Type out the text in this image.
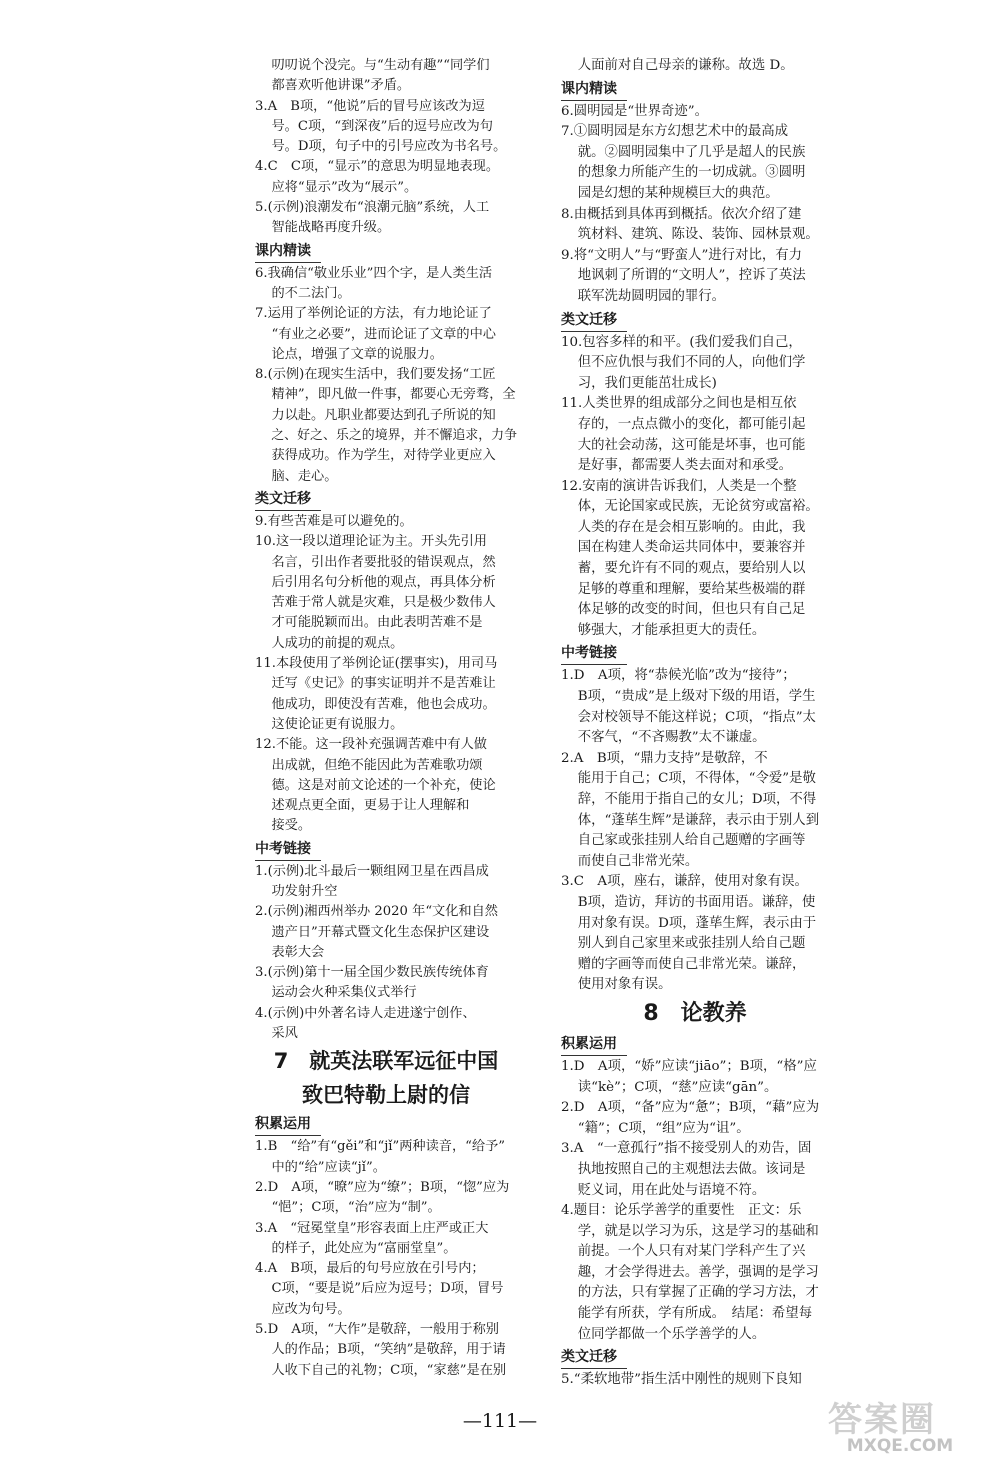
叨叨说个没完。与“生动有趣”“同学们
都喜欢听他讲课”矛盾。
3.A　B项，“他说”后的冒号应该改为逗
号。C项，“到深夜”后的逗号应改为句
号。D项，句子中的引号应改为书名号。
4.C　C项，“显示”的意思为明显地表现。
应将“显示”改为“展示”。
5.(示例)浪潮发布“浪潮元脑”系统，人工
智能战略再度升级。
课内精读
6.我确信“敬业乐业”四个字，是人类生活
的不二法门。
7.运用了举例论证的方法，有力地论证了
“有业之必要”，进而论证了文章的中心
论点，增强了文章的说服力。
8.(示例)在现实生活中，我们要发扬“工匠
精神”，即凡做一件事，都要心无旁骛，全
力以赴。凡职业都要达到孔子所说的知
之、好之、乐之的境界，并不懈追求，力争
获得成功。作为学生，对待学业更应入
脑、走心。
类文迁移
9.有些苦难是可以避免的。
10.这一段以道理论证为主。开头先引用
名言，引出作者要批驳的错误观点，然
后引用名句分析他的观点，再具体分析
苦难于常人就是灾难，只是极少数伟人
才可能脱颖而出。由此表明苦难不是
人成功的前提的观点。
11.本段使用了举例论证(摆事实)，用司马
迁写《史记》的事实证明并不是苦难让
他成功，即使没有苦难，他也会成功。
这使论证更有说服力。
12.不能。这一段补充强调苦难中有人做
出成就，但绝不能因此为苦难歌功颂
德。这是对前文论述的一个补充，使论
述观点更全面，更易于让人理解和
接受。
中考链接
1.(示例)北斗最后一颗组网卫星在西昌成
功发射升空
2.(示例)湘西州举办 2020 年“文化和自然
遗产日”开幕式暨文化生态保护区建设
表彰大会
3.(示例)第十一届全国少数民族传统体育
运动会火种采集仪式举行
4.(示例)中外著名诗人走进遂宁创作、
采风
7　就英法联军远征中国
致巴特勒上尉的信
积累运用
1.B　“给”有“gěi”和“jǐ”两种读音，“给予”
中的“给”应读“jǐ”。
2.D　A项，“暸”应为“缭”；B项，“惚”应为
“悒”；C项，“治”应为“制”。
3.A　“冠冕堂皇”形容表面上庄严或正大
的样子，此处应为“富丽堂皇”。
4.A　B项，最后的句号应放在引号内；
C项，“要是说”后应为逗号；D项，冒号
应改为句号。
5.D　A项，“大作”是敬辞，一般用于称别
人的作品；B项，“笑纳”是敬辞，用于请
人收下自己的礼物；C项，“家慈”是在别
人面前对自己母亲的谦称。故选 D。
课内精读
6.圆明园是“世界奇迹”。
7.①圆明园是东方幻想艺术中的最高成
就。②圆明园集中了几乎是超人的民族
的想象力所能产生的一切成就。③圆明
园是幻想的某种规模巨大的典范。
8.由概括到具体再到概括。依次介绍了建
筑材料、建筑、陈设、装饰、园林景观。
9.将“文明人”与“野蛮人”进行对比，有力
地讽刺了所谓的“文明人”，控诉了英法
联军洗劫圆明园的罪行。
类文迁移
10.包容多样的和平。(我们爱我们自己，
但不应仇恨与我们不同的人，向他们学
习，我们更能茁壮成长)
11.人类世界的组成部分之间也是相互依
存的，一点点微小的变化，都可能引起
大的社会动荡，这可能是坏事，也可能
是好事，都需要人类去面对和承受。
12.安南的演讲告诉我们，人类是一个整
体，无论国家或民族，无论贫穷或富裕。
人类的存在是会相互影响的。由此，我
国在构建人类命运共同体中，要兼容并
蓄，要允许有不同的观点，要给别人以
足够的尊重和理解，要给某些极端的群
体足够的改变的时间，但也只有自己足
够强大，才能承担更大的责任。
中考链接
1.D　A项，将“恭候光临”改为“接待”；
B项，“贵成”是上级对下级的用语，学生
会对校领导不能这样说；C项，“指点”太
不客气，“不吝赐教”太不谦虚。
2.A　B项，“鼎力支持”是敬辞，不
能用于自己；C项，不得体，“令爱”是敬
辞，不能用于指自己的女儿；D项，不得
体，“蓬荜生辉”是谦辞，表示由于别人到
自己家或张挂别人给自己题赠的字画等
而使自己非常光荣。
3.C　A项，座右，谦辞，使用对象有误。
B项，造访，拜访的书面用语。谦辞，使
用对象有误。D项，蓬荜生辉，表示由于
别人到自己家里来或张挂别人给自己题
赠的字画等而使自己非常光荣。谦辞，
使用对象有误。
8　论教养
积累运用
1.D　A项，“娇”应读“jiāo”；B项，“格”应
读“kè”；C项，“慈”应读“gān”。
2.D　A项，“备”应为“惫”；B项，“藉”应为
“籍”；C项，“组”应为“诅”。
3.A　“一意孤行”指不接受别人的劝告，固
执地按照自己的主观想法去做。该词是
贬义词，用在此处与语境不符。
4.题目：论乐学善学的重要性　正文：乐
学，就是以学习为乐，这是学习的基础和
前提。一个人只有对某门学科产生了兴
趣，才会学得进去。善学，强调的是学习
的方法，只有掌握了正确的学习方法，才
能学有所获，学有所成。　结尾：希望每
位同学都做一个乐学善学的人。
类文迁移
5.“柔软地带”指生活中刚性的规则下良知
—111—	答案圈
MXQE.COM
